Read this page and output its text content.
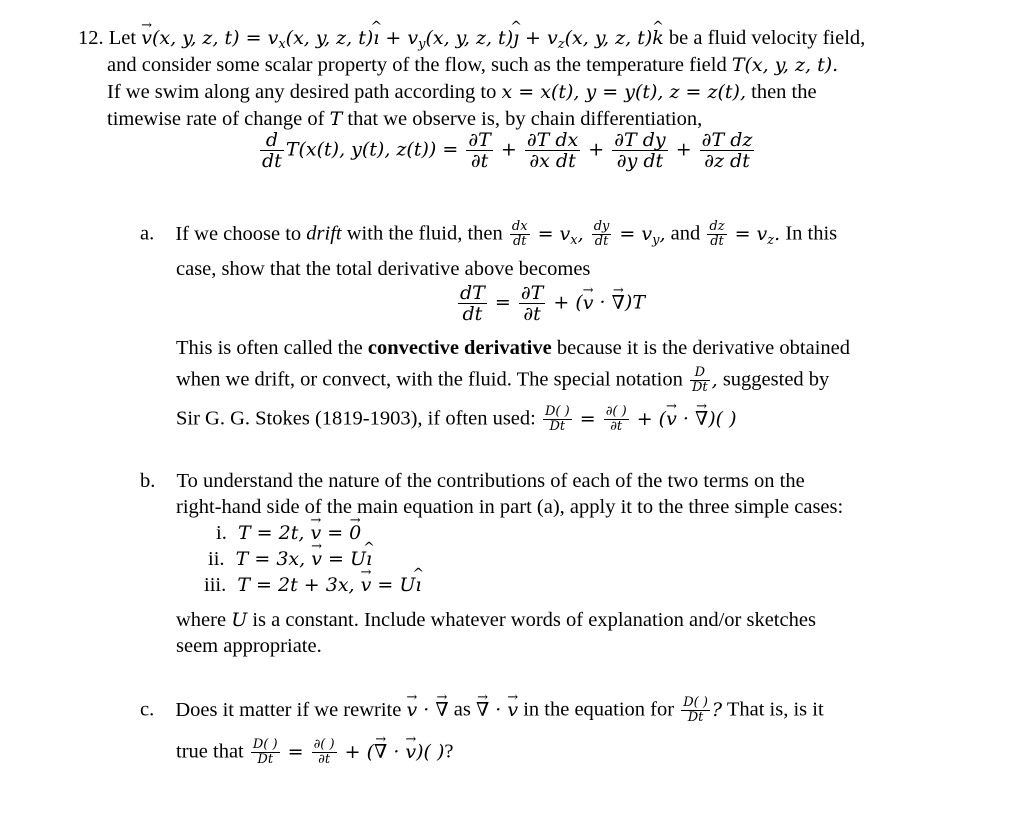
12. Let → v(x, y, z, $t) = v_x(x$, y, z, t)^ ı + $v_y(x$, y, z, t)^ ȷ + $v_z(x$, y, z, t)^ k be a fluid velocity field,
and consider some scalar property of the flow, such as the temperature field T(x, y, z, t).
If we swim along any desired path according to x = x(t), y = y(t), z = z(t), then the
timewise rate of change of T that we observe is, by chain differentiation,
$\frac{d}{dt} T(x(t)$, y(t), $z(t)) = \frac{\partial T}{\partial t} + \frac{\text{∂T dx}}{\text{∂x dt}} + \frac{\text{∂T dy}}{\text{∂y dt}} + \frac{\text{∂T dz}}{\text{∂z dt}}$
a. If we choose to drift with the fluid, then $\frac{dx}{dt} = v_x$, $\frac{dy}{dt} = v_y$, and $\frac{dz}{dt} = v_z$. In this
case, show that the total derivative above becomes
$\frac{dT}{dt} = \frac{\partial T}{\partial t}$ + (→ v · → ∇)T
This is often called the convective derivative because it is the derivative obtained
when we drift, or convect, with the fluid. The special notation $\frac{D}{Dt}$ , suggested by
Sir G. G. Stokes (1819-1903), if often used: $\frac{D( )}{Dt} = \frac{\partial( )}{\partial t}$ + (→ v · → ∇)( )
b. To understand the nature of the contributions of each of the two terms on the
right-hand side of the main equation in part (a), apply it to the three simple cases:
i. T = 2t, → v = → 0
ii. T = 3x, → v = U^ ı
iii. T = 2t + 3x, → v = U^ ı
where U is a constant. Include whatever words of explanation and/or sketches
seem appropriate.
c. Does it matter if we rewrite → v · → ∇ as → ∇ · → v in the equation for $\frac{D( )}{Dt}$ ? That is, is it
true that $\frac{D( )}{Dt} = \frac{\partial( )}{\partial t}$ + (→ ∇ · → v)( )?
